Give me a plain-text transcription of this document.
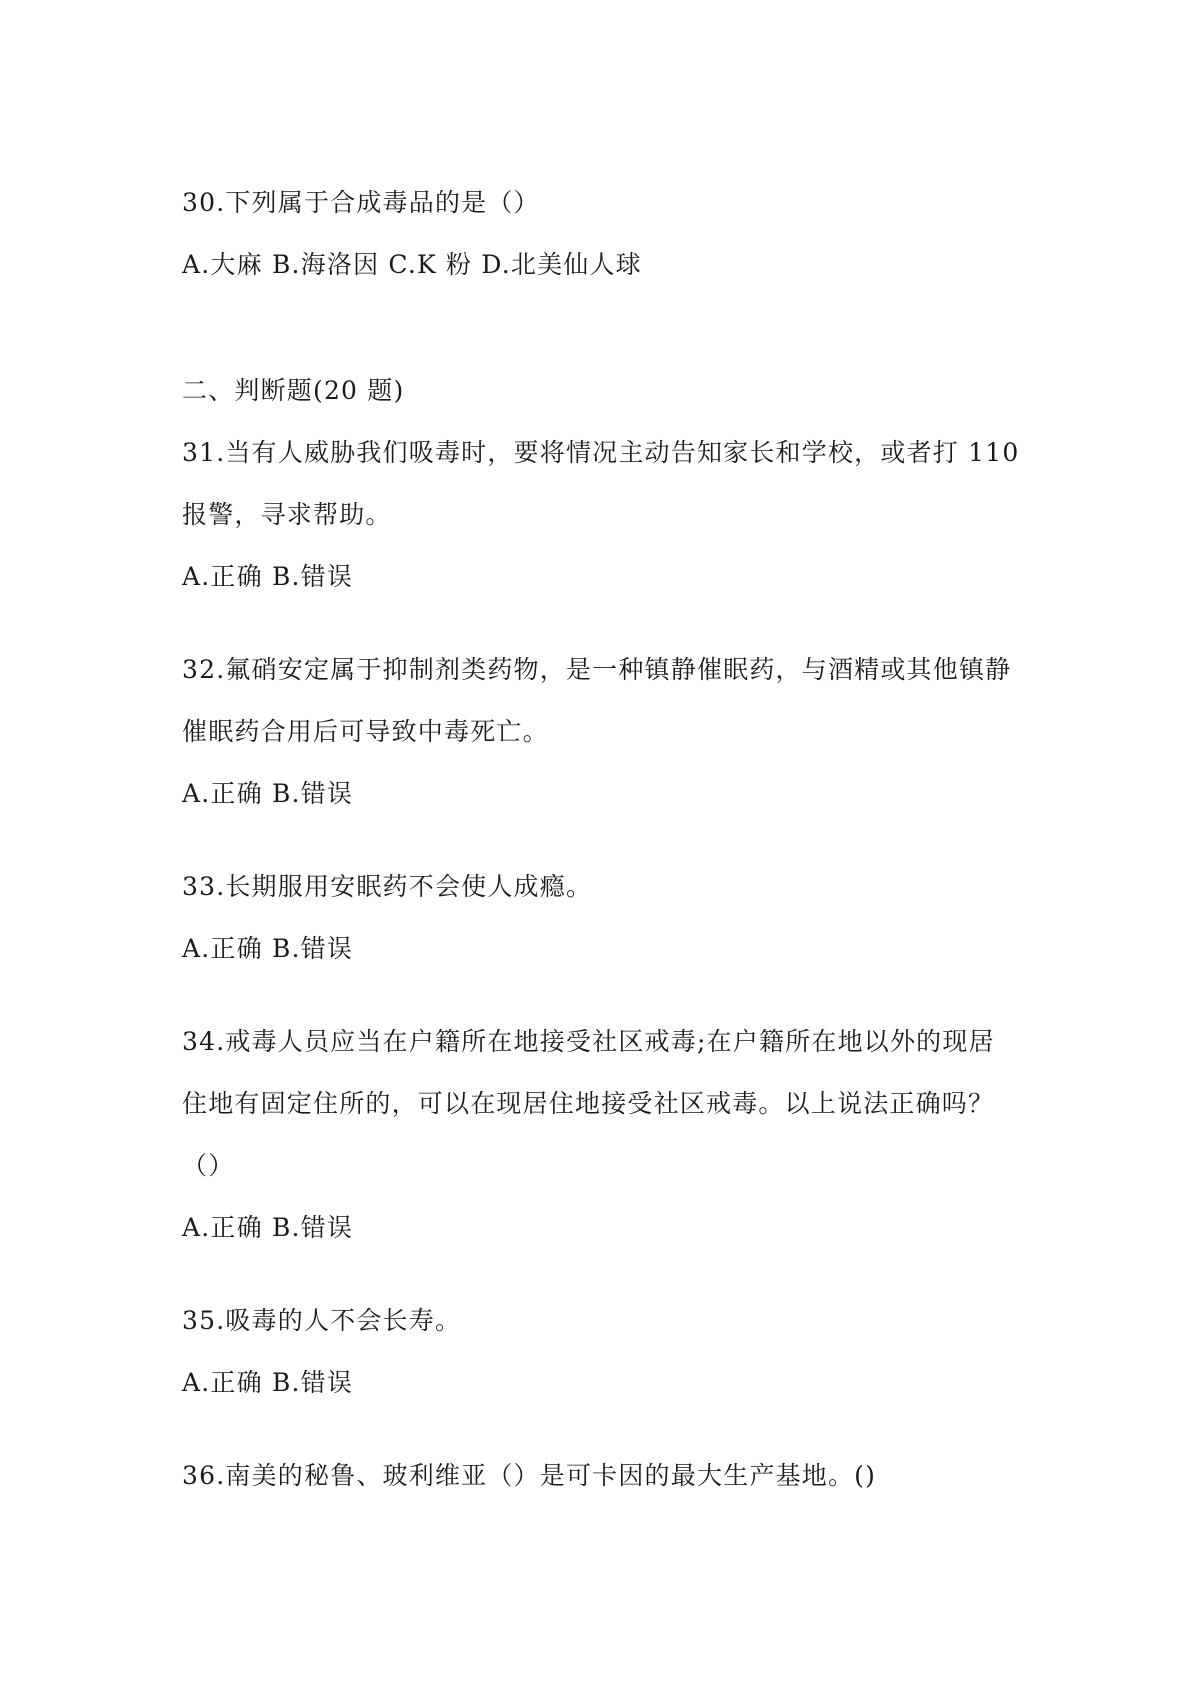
30.下列属于合成毒品的是（）
A.大麻 B.海洛因 C.K 粉 D.北美仙人球
二、判断题(20 题)
31.当有人威胁我们吸毒时，要将情况主动告知家长和学校，或者打 110
报警，寻求帮助。
A.正确 B.错误
32.氟硝安定属于抑制剂类药物，是一种镇静催眠药，与酒精或其他镇静
催眠药合用后可导致中毒死亡。
A.正确 B.错误
33.长期服用安眠药不会使人成瘾。
A.正确 B.错误
34.戒毒人员应当在户籍所在地接受社区戒毒;在户籍所在地以外的现居
住地有固定住所的，可以在现居住地接受社区戒毒。以上说法正确吗？
（）
A.正确 B.错误
35.吸毒的人不会长寿。
A.正确 B.错误
36.南美的秘鲁、玻利维亚（）是可卡因的最大生产基地。()
